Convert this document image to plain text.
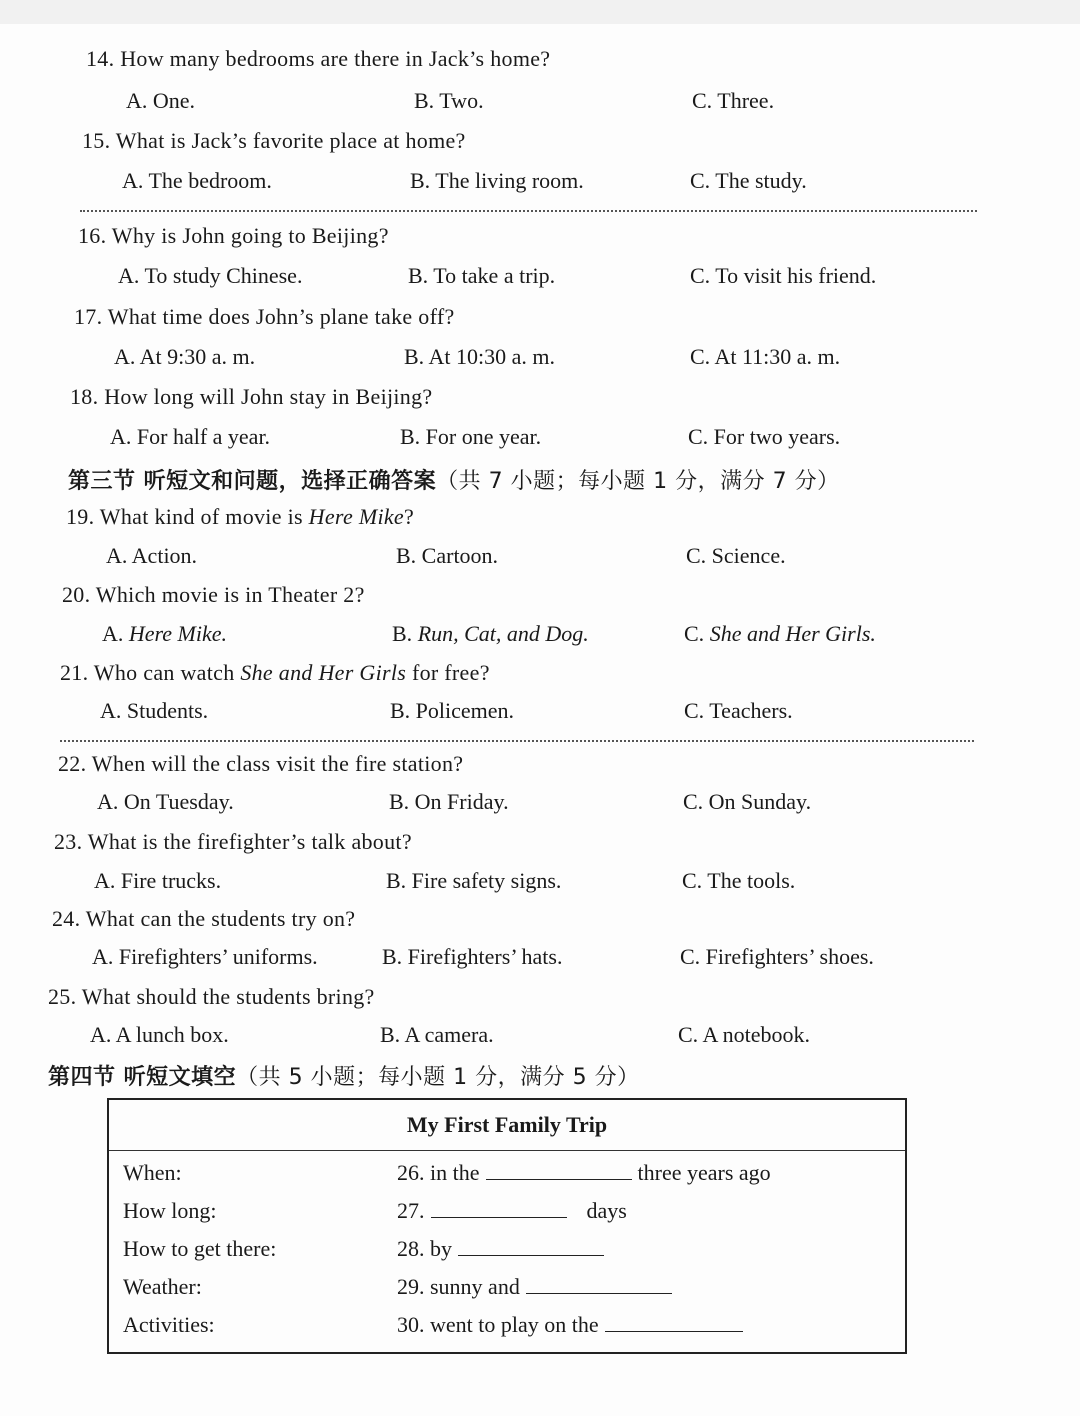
14. How many bedrooms are there in Jack’s home?
A. One.	B. Two.	C. Three.
15. What is Jack’s favorite place at home?
A. The bedroom.	B. The living room.	C. The study.
16. Why is John going to Beijing?
A. To study Chinese.	B. To take a trip.	C. To visit his friend.
17. What time does John’s plane take off?
A. At 9:30 a. m.	B. At 10:30 a. m.	C. At 11:30 a. m.
18. How long will John stay in Beijing?
A. For half a year.	B. For one year.	C. For two years.
第三节 听短文和问题，选择正确答案（共 7 小题；每小题 1 分，满分 7 分）
19. What kind of movie is Here Mike?
A. Action.	B. Cartoon.	C. Science.
20. Which movie is in Theater 2?
A. Here Mike.	B. Run, Cat, and Dog.	C. She and Her Girls.
21. Who can watch She and Her Girls for free?
A. Students.	B. Policemen.	C. Teachers.
22. When will the class visit the fire station?
A. On Tuesday.	B. On Friday.	C. On Sunday.
23. What is the firefighter’s talk about?
A. Fire trucks.	B. Fire safety signs.	C. The tools.
24. What can the students try on?
A. Firefighters’ uniforms.	B. Firefighters’ hats.	C. Firefighters’ shoes.
25. What should the students bring?
A. A lunch box.	B. A camera.	C. A notebook.
第四节 听短文填空（共 5 小题；每小题 1 分，满分 5 分）
My First Family Trip
When:	26. in the	three years ago
How long:	27.	days
How to get there:	28. by
Weather:	29. sunny and
Activities:	30. went to play on the
